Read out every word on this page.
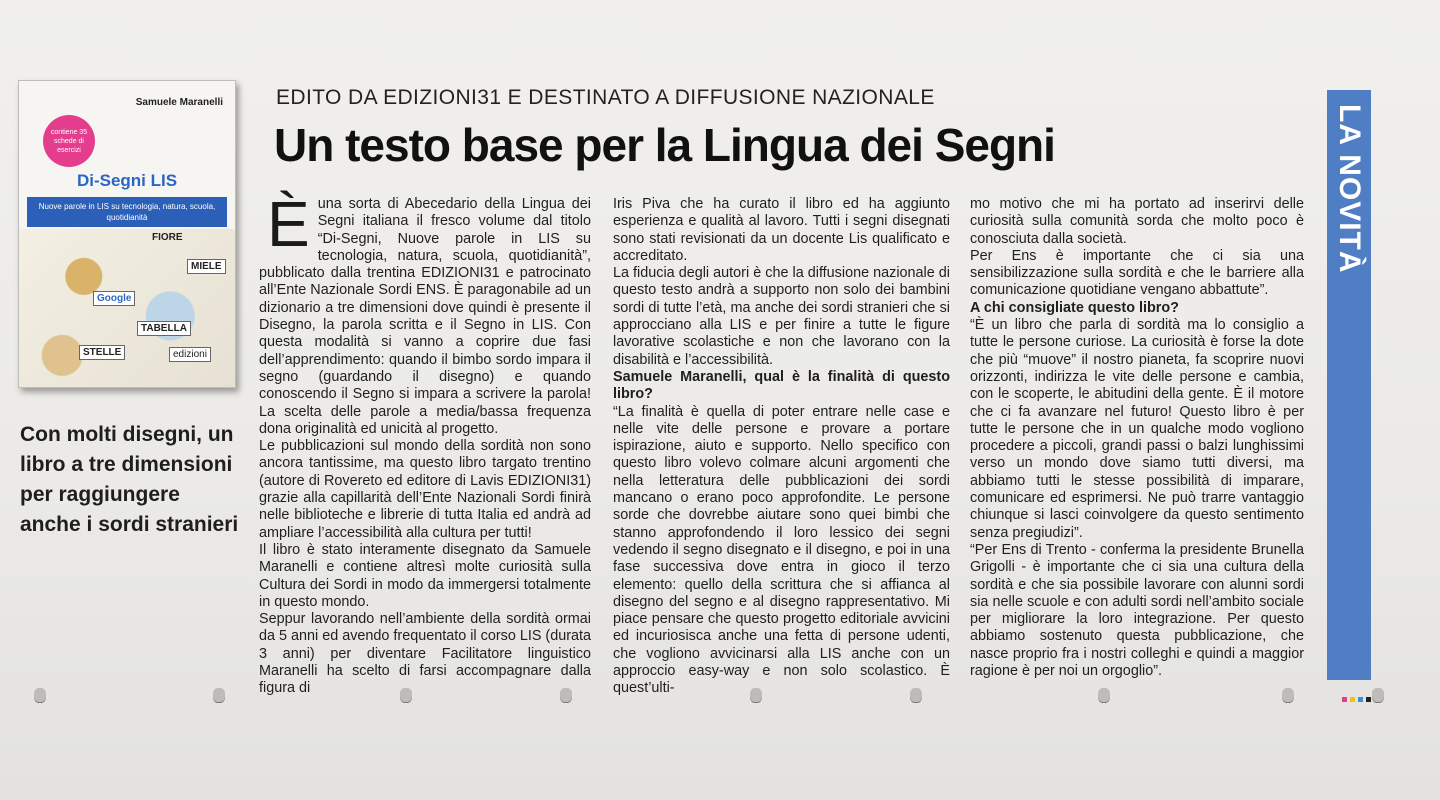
Samuele Maranelli
contiene 35 schede di esercizi
Di-Segni LIS
Nuove parole in LIS su tecnologia, natura, scuola, quotidianità
FIORE
MIELE
Google
TABELLA
STELLE	edizioni
Con molti disegni, un libro a tre dimensioni per raggiungere anche i sordi stranieri
EDITO DA EDIZIONI31 E DESTINATO A DIFFUSIONE NAZIONALE
Un testo base per la Lingua dei Segni
È una sorta di Abecedario della Lingua dei Segni italiana il fresco volume dal titolo “Di-Segni, Nuove parole in LIS su tecnologia, natura, scuola, quotidianità”, pubblicato dalla trentina EDIZIONI31 e patrocinato all’Ente Nazionale Sordi ENS. È paragonabile ad un dizionario a tre dimensioni dove quindi è presente il Disegno, la parola scritta e il Segno in LIS. Con questa modalità si vanno a coprire due fasi dell’apprendimento: quando il bimbo sordo impara il segno (guardando il disegno) e quando conoscendo il Segno si impara a scrivere la parola! La scelta delle parole a media/bassa frequenza dona originalità ed unicità al progetto.

Le pubblicazioni sul mondo della sordità non sono ancora tantissime, ma questo libro targato trentino (autore di Rovereto ed editore di Lavis EDIZIONI31) grazie alla capillarità dell’Ente Nazionali Sordi finirà nelle biblioteche e librerie di tutta Italia ed andrà ad ampliare l’accessibilità alla cultura per tutti!

Il libro è stato interamente disegnato da Samuele Maranelli e contiene altresì molte curiosità sulla Cultura dei Sordi in modo da immergersi totalmente in questo mondo.

Seppur lavorando nell’ambiente della sordità ormai da 5 anni ed avendo frequentato il corso LIS (durata 3 anni) per diventare Facilitatore linguistico Maranelli ha scelto di farsi accompagnare dalla figura di

Iris Piva che ha curato il libro ed ha aggiunto esperienza e qualità al lavoro. Tutti i segni disegnati sono stati revisionati da un docente Lis qualificato e accreditato.

La fiducia degli autori è che la diffusione nazionale di questo testo andrà a supporto non solo dei bambini sordi di tutte l’età, ma anche dei sordi stranieri che si approcciano alla LIS e per finire a tutte le figure lavorative scolastiche e non che lavorano con la disabilità e l’accessibilità.

Samuele Maranelli, qual è la finalità di questo libro?

“La finalità è quella di poter entrare nelle case e nelle vite delle persone e provare a portare ispirazione, aiuto e supporto. Nello specifico con questo libro volevo colmare alcuni argomenti che nella letteratura delle pubblicazioni dei sordi mancano o erano poco approfondite. Le persone sorde che dovrebbe aiutare sono quei bimbi che stanno approfondendo il loro lessico dei segni vedendo il segno disegnato e il disegno, e poi in una fase successiva dove entra in gioco il terzo elemento: quello della scrittura che si affianca al disegno del segno e al disegno rappresentativo. Mi piace pensare che questo progetto editoriale avvicini ed incuriosisca anche una fetta di persone udenti, che vogliono avvicinarsi alla LIS anche con un approccio easy-way e non solo scolastico. È quest’ulti-

mo motivo che mi ha portato ad inserirvi delle curiosità sulla comunità sorda che molto poco è conosciuta dalla società.

Per Ens è importante che ci sia una sensibilizzazione sulla sordità e che le barriere alla comunicazione quotidiane vengano abbattute”.

A chi consigliate questo libro?

“È un libro che parla di sordità ma lo consiglio a tutte le persone curiose. La curiosità è forse la dote che più “muove” il nostro pianeta, fa scoprire nuovi orizzonti, indirizza le vite delle persone e cambia, con le scoperte, le abitudini della gente. È il motore che ci fa avanzare nel futuro! Questo libro è per tutte le persone che in un qualche modo vogliono procedere a piccoli, grandi passi o balzi lunghissimi verso un mondo dove siamo tutti diversi, ma abbiamo tutti le stesse possibilità di imparare, comunicare ed esprimersi. Ne può trarre vantaggio chiunque si lasci coinvolgere da questo sentimento senza pregiudizi”.

“Per Ens di Trento - conferma la presidente Brunella Grigolli - è importante che ci sia una cultura della sordità e che sia possibile lavorare con alunni sordi sia nelle scuole e con adulti sordi nell’ambito sociale per migliorare la loro integrazione. Per questo abbiamo sostenuto questa pubblicazione, che nasce proprio fra i nostri colleghi e quindi a maggior ragione è per noi un orgoglio”.

LA NOVITÀ
